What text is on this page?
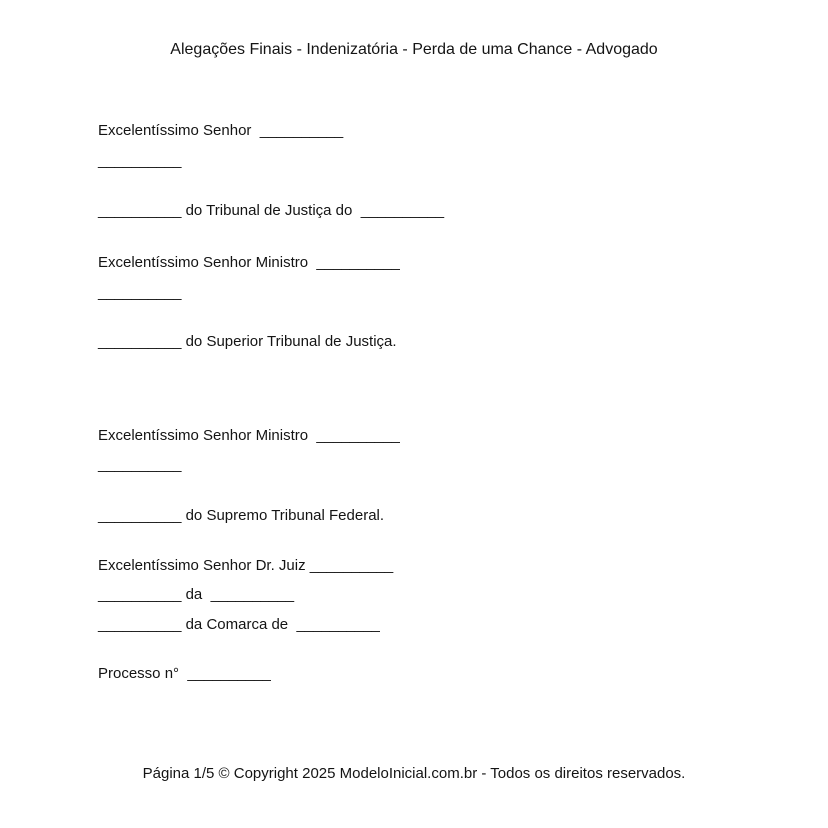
Alegações Finais - Indenizatória - Perda de uma Chance - Advogado
Excelentíssimo Senhor  __________
__________
__________ do Tribunal de Justiça do  __________
Excelentíssimo Senhor Ministro  __________
__________
__________ do Superior Tribunal de Justiça.
Excelentíssimo Senhor Ministro  __________
__________
__________ do Supremo Tribunal Federal.
Excelentíssimo Senhor Dr. Juiz __________
__________ da  __________
__________ da Comarca de  __________
Processo n°  __________
Página 1/5 © Copyright 2025 ModeloInicial.com.br - Todos os direitos reservados.
